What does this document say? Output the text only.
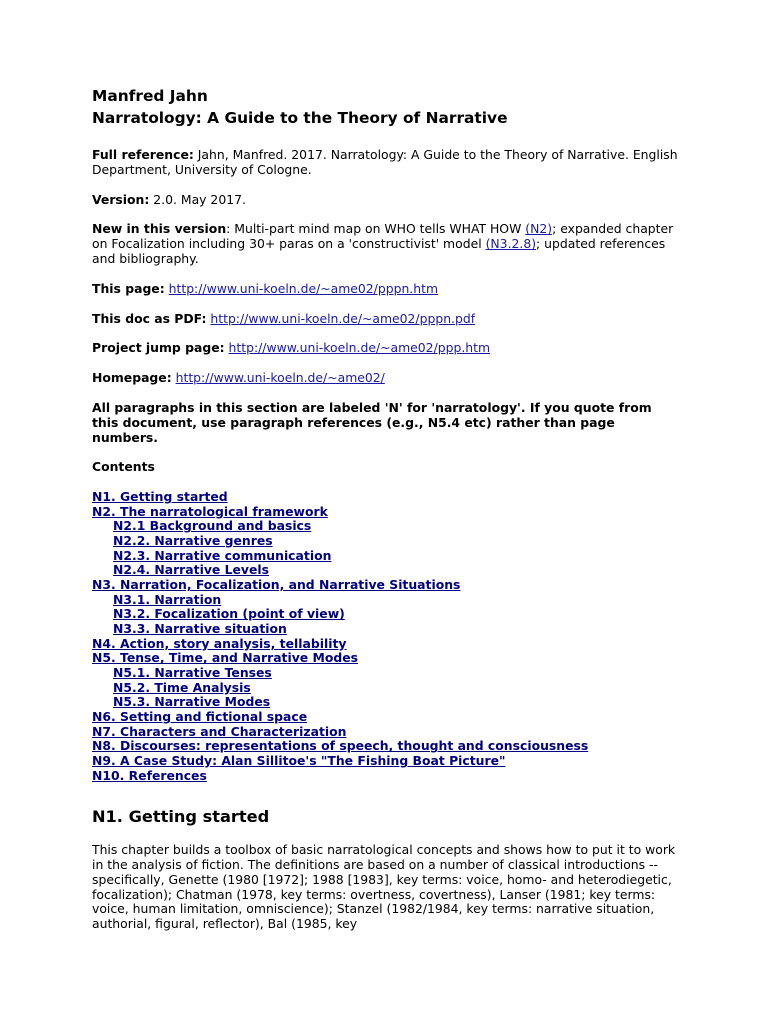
Manfred Jahn
Narratology: A Guide to the Theory of Narrative

Full reference: Jahn, Manfred. 2017. Narratology: A Guide to the Theory of Narrative. English Department, University of Cologne.

Version: 2.0. May 2017.

New in this version: Multi-part mind map on WHO tells WHAT HOW (N2); expanded chapter on Focalization including 30+ paras on a 'constructivist' model (N3.2.8); updated references and bibliography.

This page: http://www.uni-koeln.de/~ame02/pppn.htm

This doc as PDF: http://www.uni-koeln.de/~ame02/pppn.pdf

Project jump page: http://www.uni-koeln.de/~ame02/ppp.htm

Homepage: http://www.uni-koeln.de/~ame02/

All paragraphs in this section are labeled 'N' for 'narratology'. If you quote from this document, use paragraph references (e.g., N5.4 etc) rather than page numbers.

Contents

N1. Getting started
N2. The narratological framework
N2.1 Background and basics
N2.2. Narrative genres
N2.3. Narrative communication
N2.4. Narrative Levels
N3. Narration, Focalization, and Narrative Situations
N3.1. Narration
N3.2. Focalization (point of view)
N3.3. Narrative situation
N4. Action, story analysis, tellability
N5. Tense, Time, and Narrative Modes
N5.1. Narrative Tenses
N5.2. Time Analysis
N5.3. Narrative Modes
N6. Setting and fictional space
N7. Characters and Characterization
N8. Discourses: representations of speech, thought and consciousness
N9. A Case Study: Alan Sillitoe's "The Fishing Boat Picture"
N10. References
N1. Getting started

This chapter builds a toolbox of basic narratological concepts and shows how to put it to work in the analysis of fiction. The definitions are based on a number of classical introductions -- specifically, Genette (1980 [1972]; 1988 [1983], key terms: voice, homo- and heterodiegetic, focalization); Chatman (1978, key terms: overtness, covertness), Lanser (1981; key terms: voice, human limitation, omniscience); Stanzel (1982/1984, key terms: narrative situation, authorial, figural, reflector), Bal (1985, key
